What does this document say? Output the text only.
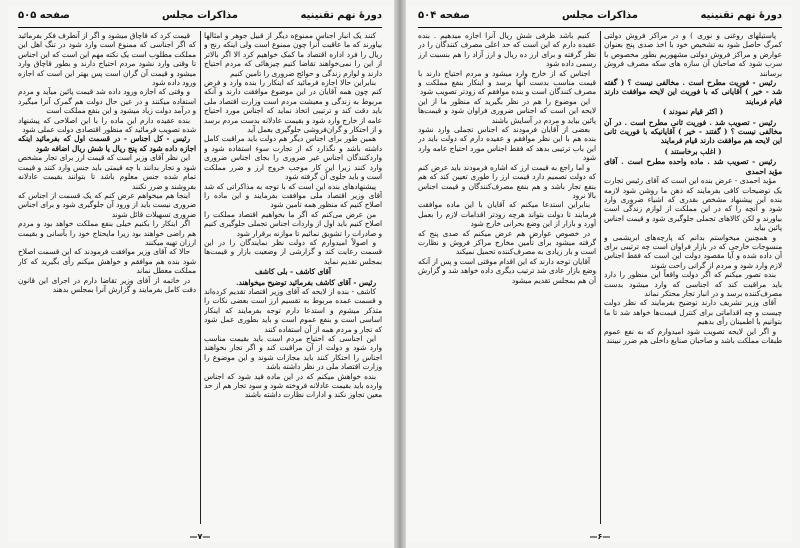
دورهٔ نهم تقنینیه
مذاکرات مجلس
صفحه ۵۰۵

کنند یک انبار اجناس ممنوع‌ه دیگر از قبیل جوهر و امثالها بیاورند که ما عاقبت آنرا چون ممنوع است ولی اینکه رنج و ریال را فرد اداره اقتصاد ما کمک خواهیم کرد الا اگر بالاتر از این را نمی‌خواهند تقاضا کنیم چیزهائی که مردم احتیاج دارند و لوازم زندگی و حوائج ضروری را تامین کنیم

بنابراین حالا اجازه فرمائید که اینکار را بنده وارد و فرض کنم چون همه آقایان در این موضوع موافقت دارند و آنکه مربوط به زندگی و معیشت مردم است وزارت اقتصاد ملی باید دقت کند و ترتیبی اتخاذ نماید که اجناس مورد احتیاج عامه از خارج وارد شود و بقیمت عادلانه بدست مردم برسد و از احتکار و گران‌فروشی جلوگیری بعمل آید

همین طور برای اجناس دیگر هم دولت باید مراقبت کامل داشته باشد و نگذارد که از تجارت سوء استفاده شود و واردکنندگان اجناس غیر ضروری را بجای اجناس ضروری وارد کنند زیرا این کار موجب خروج ارز و ضرر مملکت است و باید جلوی آن گرفته شود

پیشنهادهای بنده این است که با توجه به مذاکراتی که شد آقای وزیر اقتصاد ملی موافقت بفرمایند و این ماده را اصلاح کنیم که منظور همه تامین شود

من عرض می‌کنم که اگر ما بخواهیم اقتصاد مملکت را اصلاح کنیم باید اول از واردات اجناس تجملی جلوگیری کنیم و صادرات را تشویق نمائیم تا موازنه برقرار شود

و اصولاً امیدوارم که دولت نظر نمایندگان را در این قسمت رعایت کند و گزارشی از وضعیت بازار و قیمت‌ها بمجلس تقدیم نماید

آقای کاشف - بلی کاشف

رئیس - آقای کاشف بفرمائید توضیح میخواهند.

کاشف - بنده از لایحه که آقای وزیر اقتصاد تقدیم کرده‌اند و قسمت عمده مربوط به تقسیم ارز است بعضی نکات را متذکر میشوم و استدعا دارم توجه بفرمایند که اینکار اساسی است و بنفع عموم است و باید بطوری عمل شود که تجار و مردم همه از آن استفاده کنند

این اجناسی که احتیاج مردم است باید بقیمت مناسب وارد شود و دولت از آن مراقبت کند و اگر تجار بخواهند اجناس را احتکار کنند باید مجازات شوند و این موضوع را وزارت اقتصاد ملی در نظر داشته باشد

بنده خواهش میکنم که در این ماده قید شود که اجناس وارده باید بقیمت عادلانه فروخته شود و سود تجار هم از حد معین تجاوز نکند و ادارات نظارت داشته باشند

قیمت کرد که قاچاق میشود و اگر از آنطرف فکر بفرمائید که اگر اجناسی که ممنوع است وارد شود در تنگ اهل این مملکت مطلوب است یک نکته مهم این است که این اجناس تا وقتی وارد نشود مردم احتیاج دارند و بطور قاچاق وارد میشود و قیمت آن گران است پس بهتر این است که اجازه ورود داده شود

و وقتی که اجازه ورود داده شد قیمت پائین میآید و مردم استفاده میکنند و در عین حال دولت هم گمرک آنرا میگیرد و درآمد دولت زیاد میشود و این بنفع مملکت است

بنده عقیده دارم این ماده را با این اصلاحی که پیشنهاد شده تصویب فرمائید که منظور اقتصادی دولت عملی شود

رئیس - کل اجناس - در قسمت اول که بفرمائید اینکه اجازه داده شود که پنج ریال یا شش ریال اضافه شود

این نظر آقای وزیر است که قیمت ارز برای تجار مشخص شود و تجار بدانند با چه قیمتی باید جنس وارد کنند و قیمت تمام شده جنس معلوم باشد تا بتوانند بقیمت عادلانه بفروشند و ضرر نکنند

اینجا هم میخواهم عرض کنم که یک قسمت از اجناس که ضروری نیست باید از ورود آن جلوگیری شود و برای اجناس ضروری تسهیلات قائل شوند

اگر اینکار را بکنیم خیلی بنفع مملکت خواهد بود و مردم هم راضی خواهند بود زیرا مایحتاج خود را بآسانی و بقیمت ارزان تهیه میکنند

حالا که آقای وزیر موافقت فرمودند که این قسمت اصلاح شود بنده هم موافقم و خواهش میکنم رأی بگیرید که کار مملکت معطل نماند

در خاتمه از آقای وزیر تقاضا دارم در اجرای این قانون دقت کامل بفرمایند و گزارش آنرا بمجلس بدهند

—۷—
دورهٔ نهم تقنینیه
مذاکرات مجلس
صفحه ۵۰۴

پاستیلهای روغنی و نوری ) و در مراکز فروش دولتی کمرگ حاصل شود به تشخیص خود با اخذ صدی پنج بعنوان عوارض و مراکز فروش دولتی مشهوریم بطور مخصوص با سرب شود که صاحبان آن سازه های سکه مصرف فروش برسانند

رئیس - فوریت مطرح است . مخالفی نیست ؟ ( گفته شد - خیر ) آقایانی که با فوریت این لایحه موافقت دارند قیام فرمایند

( اکثر قیام نمودند )

رئیس - تصویب شد . فوریت ثانی مطرح است . در آن مخالفی نیست ؟ ( گفتند - خیر ) آقایانیکه با فوریت ثانی این لایحه هم موافقت دارند قیام فرمایند

( اغلب برخاستند )

رئیس - تصویب شد . ماده واحده مطرح است . آقای مؤید احمدی

مؤید احمدی - عرض بنده این است که آقای رئیس تجارت یک توضیحات کافی بفرمایند که ذهن ما روشن شود لازمه بنده این پیشنهاد مشخص بقدری که اشیاء ضروری وارد شود و آنچه را که در این مملکت از لوازم زندگی است بیاورند و لکن کالاهای تجملی جلوگیری شود و قیمت اجناس پائین بیاید

و همچنین میخواستم بدانم که پارچه‌های ابریشمی و منسوجات خارجی که در بازار فراوان است چه ترتیبی برای آن داده شده و آیا مقصود دولت این است که فقط اجناس لازم وارد شود و مردم از گرانی راحت شوند

بنده تصور میکنم که اگر دولت واقعاً این منظور را دارد باید مراقبت کند که اجناسی که وارد میشود بدست مصرف‌کننده برسد و در انبار تجار محتکر نماند

آقای وزیر تشریف دارند توضیح بفرمایند که نظر دولت چیست و چه اقداماتی برای کنترل قیمت‌ها خواهد شد تا ما بتوانیم با اطمینان رأی بدهیم

و اگر این لایحه تصویب شود امیدوارم که به نفع عموم طبقات مملکت باشد و صاحبان صنایع داخلی هم ضرر نبینند

کنیم باشد ظرفی شش ریال آنرا اجازه میدهیم . بنده عقیده دارم که این است که حد اعلی مصرف کنندگان را در نظر گرفته و برای ارز ده ریال و ارز آزاد را هم بنسبت ارز رسمی داده شود

اجناس که از خارج وارد میشود و مردم احتیاج دارند با قیمت مناسب بدست آنها برسد و اینکار بنفع مملکت و مصرف کنندگان است و بنده موافقم که زودتر تصویب شود

این موضوع را هم در نظر بگیرید که منظور ما از این لایحه این است که اجناس ضروری فراوان شود و قیمت‌ها پائین بیاید و مردم در آسایش باشند

بعضی از آقایان فرمودند که اجناس تجملی وارد نشود بنده هم با این نظر موافقم و عقیده دارم که دولت باید در این باب ترتیبی بدهد که فقط اجناس مورد احتیاج عامه وارد شود

و اما راجع به قیمت ارز که اشاره فرمودند باید عرض کنم که دولت تصمیم دارد قیمت ارز را طوری تعیین کند که هم بنفع تجار باشد و هم بنفع مصرف‌کنندگان و قیمت اجناس بالا نرود

بنابراین استدعا میکنم که آقایان با این ماده موافقت فرمایند تا دولت بتواند هرچه زودتر اقدامات لازم را بعمل آورد و بازار از این وضع بحرانی خارج شود

در خصوص عوارض هم عرض میکنم که صدی پنج که گرفته میشود برای تأمین مخارج مراکز فروش و نظارت است و بار زیادی به مصرف‌کننده تحمیل نمیکند

آقایان توجه دارند که این اقدام موقتی است و پس از آنکه وضع بازار عادی شد ترتیب دیگری داده خواهد شد و گزارش آن هم بمجلس تقدیم میشود

—۶—
